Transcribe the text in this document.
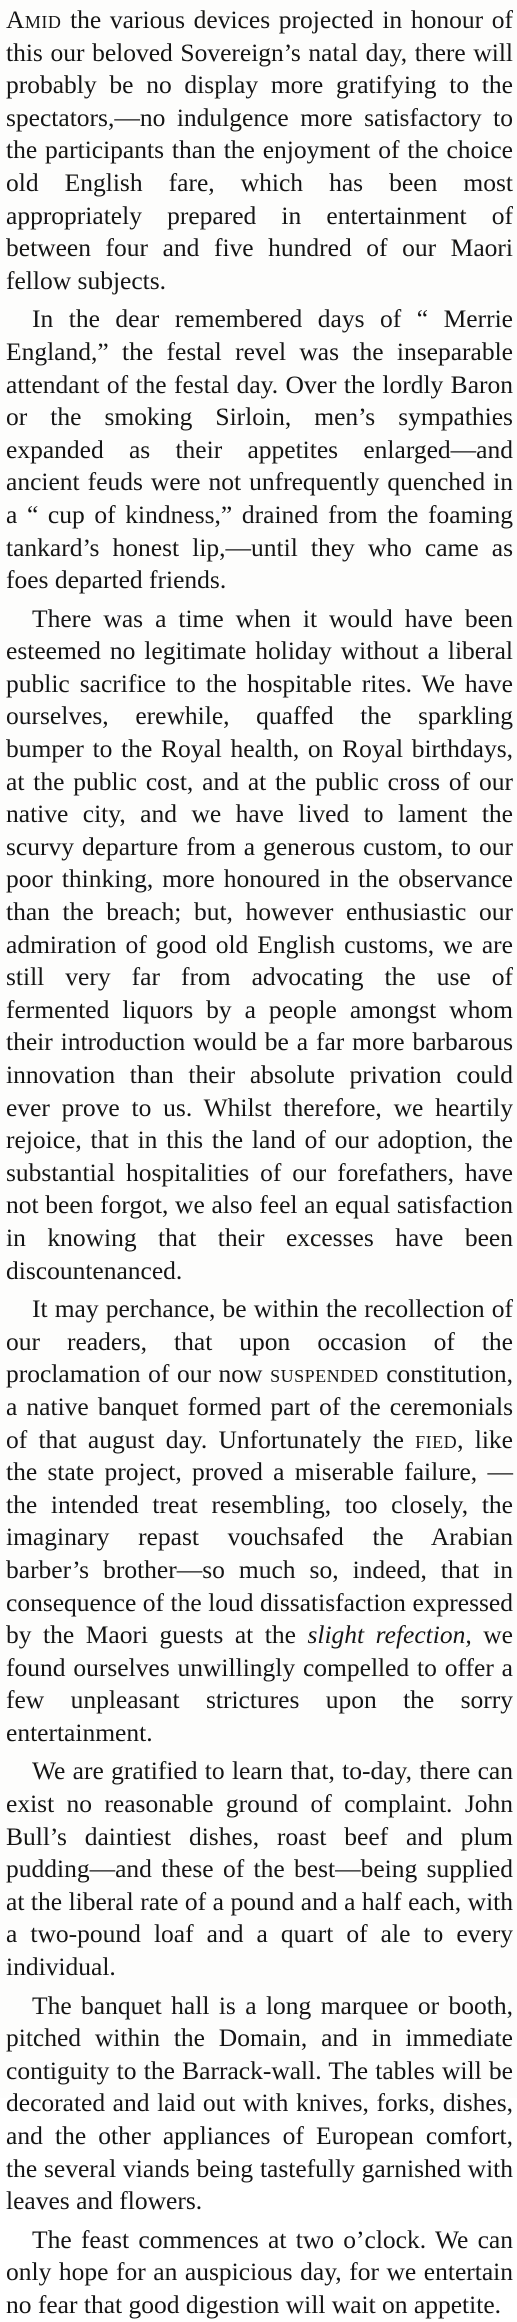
Amid the various devices projected in honour of this our beloved Sovereign’s natal day, there will probably be no display more gratifying to the spectators,—no indulgence more satisfactory to the participants than the enjoyment of the choice old English fare, which has been most appropriately prepared in entertainment of between four and five hundred of our Maori fellow subjects.

In the dear remembered days of “ Merrie England,” the festal revel was the inseparable attendant of the festal day. Over the lordly Baron or the smoking Sirloin, men’s sympathies expanded as their appetites enlarged—and ancient feuds were not unfrequently quenched in a “ cup of kindness,” drained from the foaming tankard’s honest lip,—until they who came as foes departed friends.

There was a time when it would have been esteemed no legitimate holiday without a liberal public sacrifice to the hospitable rites. We have ourselves, erewhile, quaffed the sparkling bumper to the Royal health, on Royal birthdays, at the public cost, and at the public cross of our native city, and we have lived to lament the scurvy departure from a generous custom, to our poor thinking, more honoured in the observance than the breach; but, however enthusiastic our admiration of good old English customs, we are still very far from advocating the use of fermented liquors by a people amongst whom their introduction would be a far more barbarous innovation than their absolute privation could ever prove to us. Whilst therefore, we heartily rejoice, that in this the land of our adoption, the substantial hospitalities of our forefathers, have not been forgot, we also feel an equal satisfaction in knowing that their excesses have been discountenanced.

It may perchance, be within the recollection of our readers, that upon occasion of the proclamation of our now suspended constitution, a native banquet formed part of the ceremonials of that august day. Unfortunately the fied, like the state project, proved a miserable failure, — the intended treat resembling, too closely, the imaginary repast vouchsafed the Arabian barber’s brother—so much so, indeed, that in consequence of the loud dissatisfaction expressed by the Maori guests at the slight refection, we found ourselves unwillingly compelled to offer a few unpleasant strictures upon the sorry entertainment.

We are gratified to learn that, to-day, there can exist no reasonable ground of complaint. John Bull’s daintiest dishes, roast beef and plum pudding—and these of the best—being supplied at the liberal rate of a pound and a half each, with a two-pound loaf and a quart of ale to every individual.

The banquet hall is a long marquee or booth, pitched within the Domain, and in immediate contiguity to the Barrack-wall. The tables will be decorated and laid out with knives, forks, dishes, and the other appliances of European comfort, the several viands being tastefully garnished with leaves and flowers.

The feast commences at two o’clock. We can only hope for an auspicious day, for we entertain no fear that good digestion will wait on appetite.
